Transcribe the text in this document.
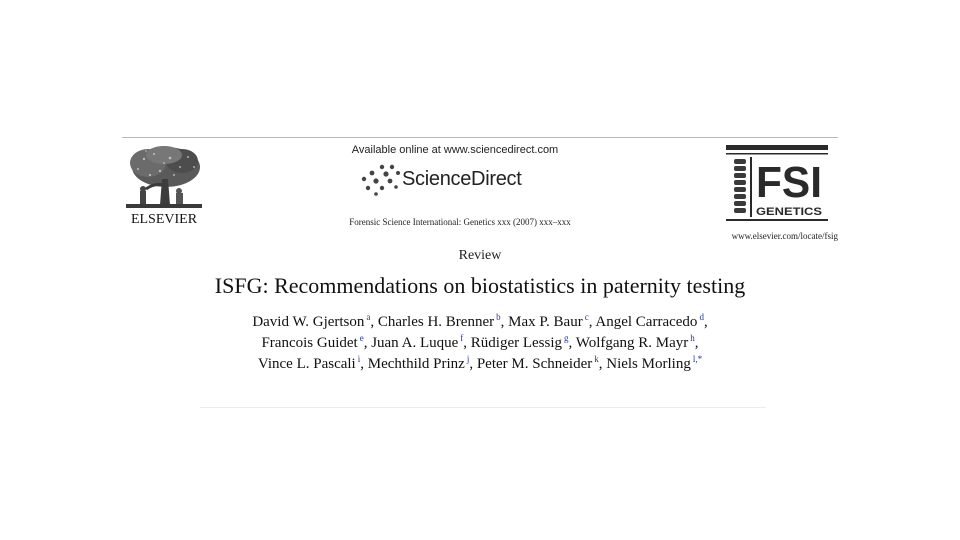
ELSEVIER
Available online at www.sciencedirect.com
ScienceDirect
Forensic Science International: Genetics xxx (2007) xxx–xxx
FSI
GENETICS
www.elsevier.com/locate/fsig
Review
ISFG: Recommendations on biostatistics in paternity testing
David W. Gjertson $^a$, Charles H. Brenner $^b$, Max P. Baur $^c$, Angel Carracedo $^d$,
Francois Guidet $^e$, Juan A. Luque $^f$, Rüdiger Lessig $^g$, Wolfgang R. Mayr $^h$,
Vince L. Pascali $^i$, Mechthild Prinz $^j$, Peter M. Schneider $^k$, Niels Morling $^{l,*}$
